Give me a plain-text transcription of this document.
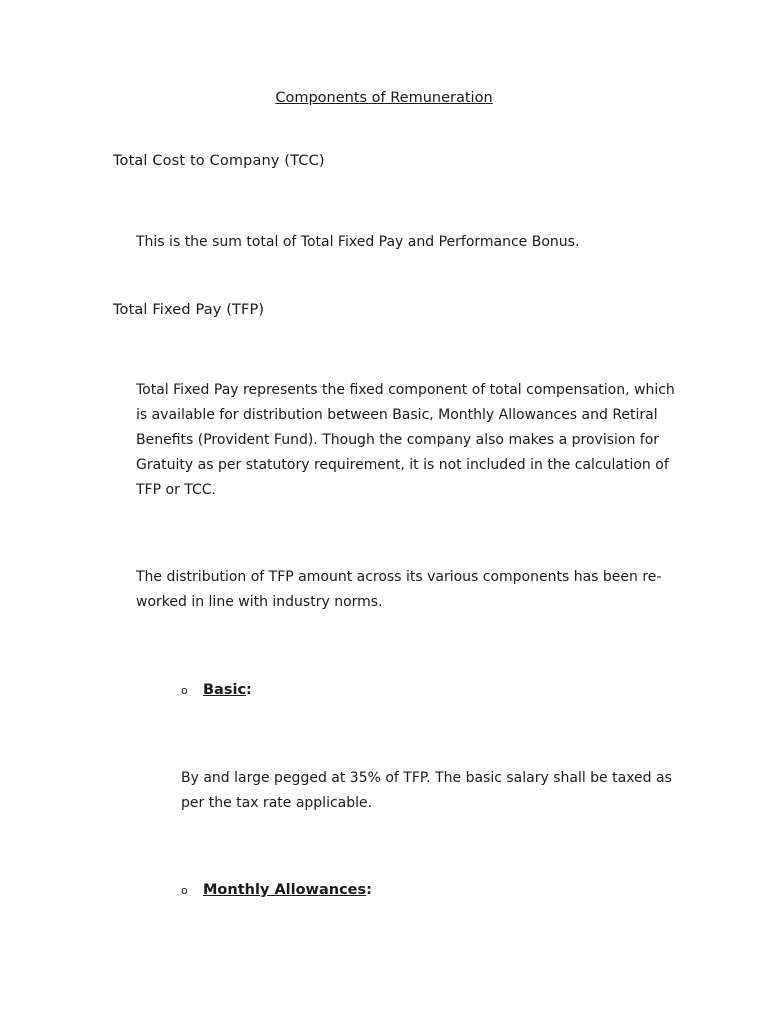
Components of Remuneration

Total Cost to Company (TCC)

This is the sum total of Total Fixed Pay and Performance Bonus.

Total Fixed Pay (TFP)

Total Fixed Pay represents the fixed component of total compensation, which is available for distribution between Basic, Monthly Allowances and Retiral Benefits (Provident Fund). Though the company also makes a provision for Gratuity as per statutory requirement, it is not included in the calculation of TFP or TCC.

The distribution of TFP amount across its various components has been re-worked in line with industry norms.

o	Basic :

By and large pegged at 35% of TFP. The basic salary shall be taxed as per the tax rate applicable.

o	Monthly Allowances :
